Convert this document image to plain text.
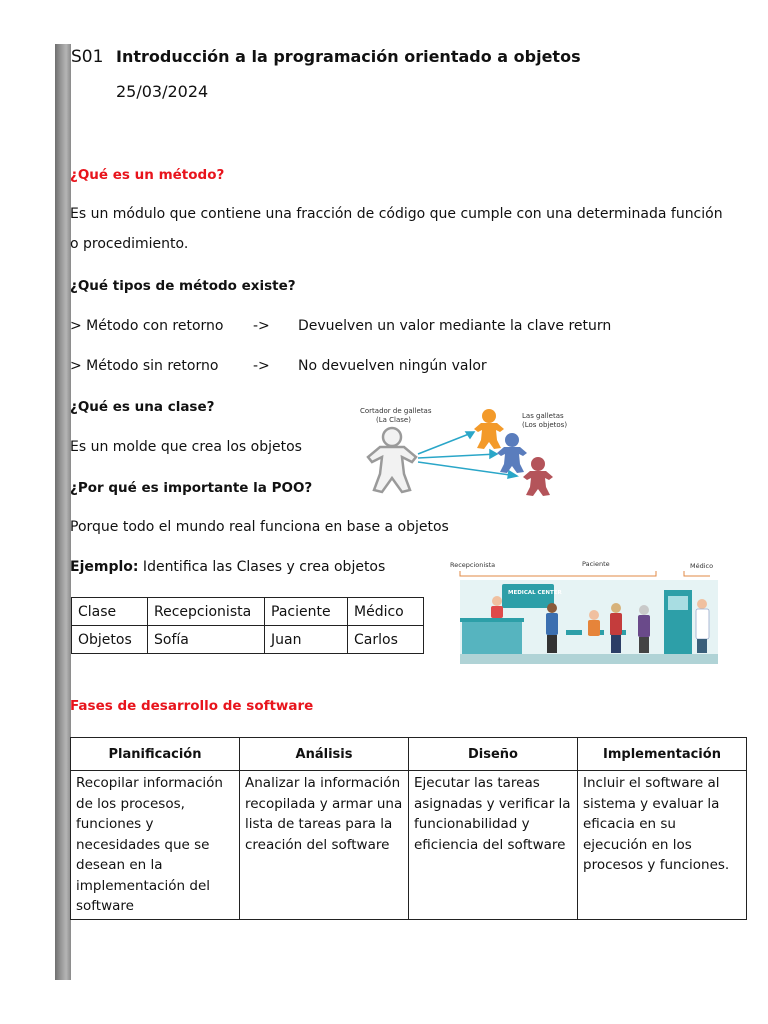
S01 Introducción a la programación orientado a objetos
25/03/2024
¿Qué es un método?
Es un módulo que contiene una fracción de código que cumple con una determinada función
o procedimiento.
¿Qué tipos de método existe?
> Método con retorno -> Devuelven un valor mediante la clave return
> Método sin retorno -> No devuelven ningún valor
¿Qué es una clase?
Es un molde que crea los objetos
¿Por qué es importante la POO?
Porque todo el mundo real funciona en base a objetos
Ejemplo: Identifica las Clases y crea objetos
Cortador de galletas
(La Clase)	Las galletas
(Los objetos)
Recepcionista	Paciente	Médico
MEDICAL CENTER
Clase	Recepcionista	Paciente	Médico
Objetos	Sofía	Juan	Carlos
Fases de desarrollo de software
Planificación	Análisis	Diseño	Implementación
Recopilar información de los procesos, funciones y necesidades que se desean en la implementación del software	Analizar la información recopilada y armar una lista de tareas para la creación del software	Ejecutar las tareas asignadas y verificar la funcionabilidad y eficiencia del software	Incluir el software al sistema y evaluar la eficacia en su ejecución en los procesos y funciones.
